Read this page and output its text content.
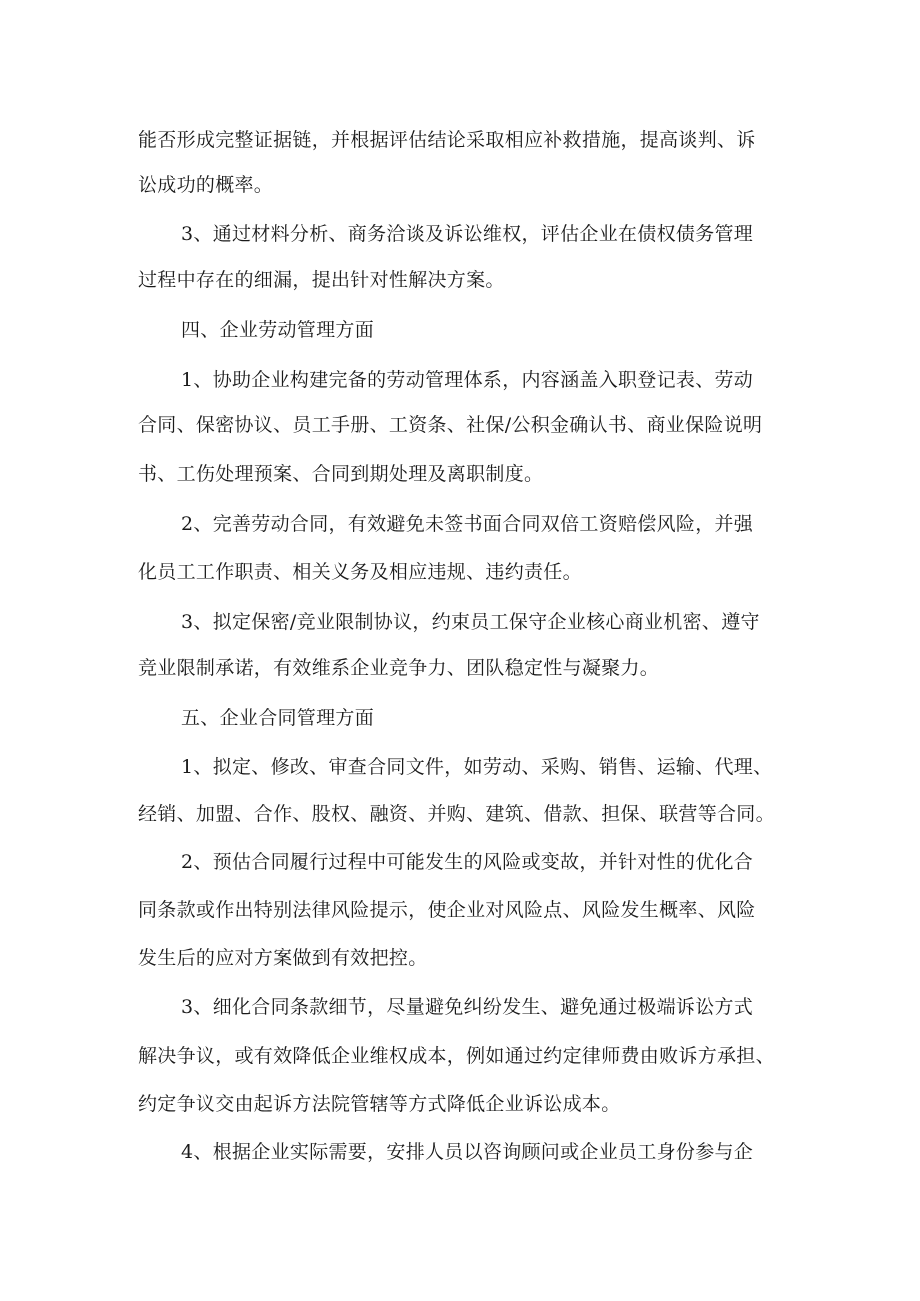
能否形成完整证据链，并根据评估结论采取相应补救措施，提高谈判、诉
讼成功的概率。
3、通过材料分析、商务洽谈及诉讼维权，评估企业在债权债务管理
过程中存在的细漏，提出针对性解决方案。
四、企业劳动管理方面
1、协助企业构建完备的劳动管理体系，内容涵盖入职登记表、劳动
合同、保密协议、员工手册、工资条、社保/公积金确认书、商业保险说明
书、工伤处理预案、合同到期处理及离职制度。
2、完善劳动合同，有效避免未签书面合同双倍工资赔偿风险，并强
化员工工作职责、相关义务及相应违规、违约责任。
3、拟定保密/竞业限制协议，约束员工保守企业核心商业机密、遵守
竞业限制承诺，有效维系企业竞争力、团队稳定性与凝聚力。
五、企业合同管理方面
1、拟定、修改、审查合同文件，如劳动、采购、销售、运输、代理、
经销、加盟、合作、股权、融资、并购、建筑、借款、担保、联营等合同。
2、预估合同履行过程中可能发生的风险或变故，并针对性的优化合
同条款或作出特别法律风险提示，使企业对风险点、风险发生概率、风险
发生后的应对方案做到有效把控。
3、细化合同条款细节，尽量避免纠纷发生、避免通过极端诉讼方式
解决争议，或有效降低企业维权成本，例如通过约定律师费由败诉方承担、
约定争议交由起诉方法院管辖等方式降低企业诉讼成本。
4、根据企业实际需要，安排人员以咨询顾问或企业员工身份参与企
